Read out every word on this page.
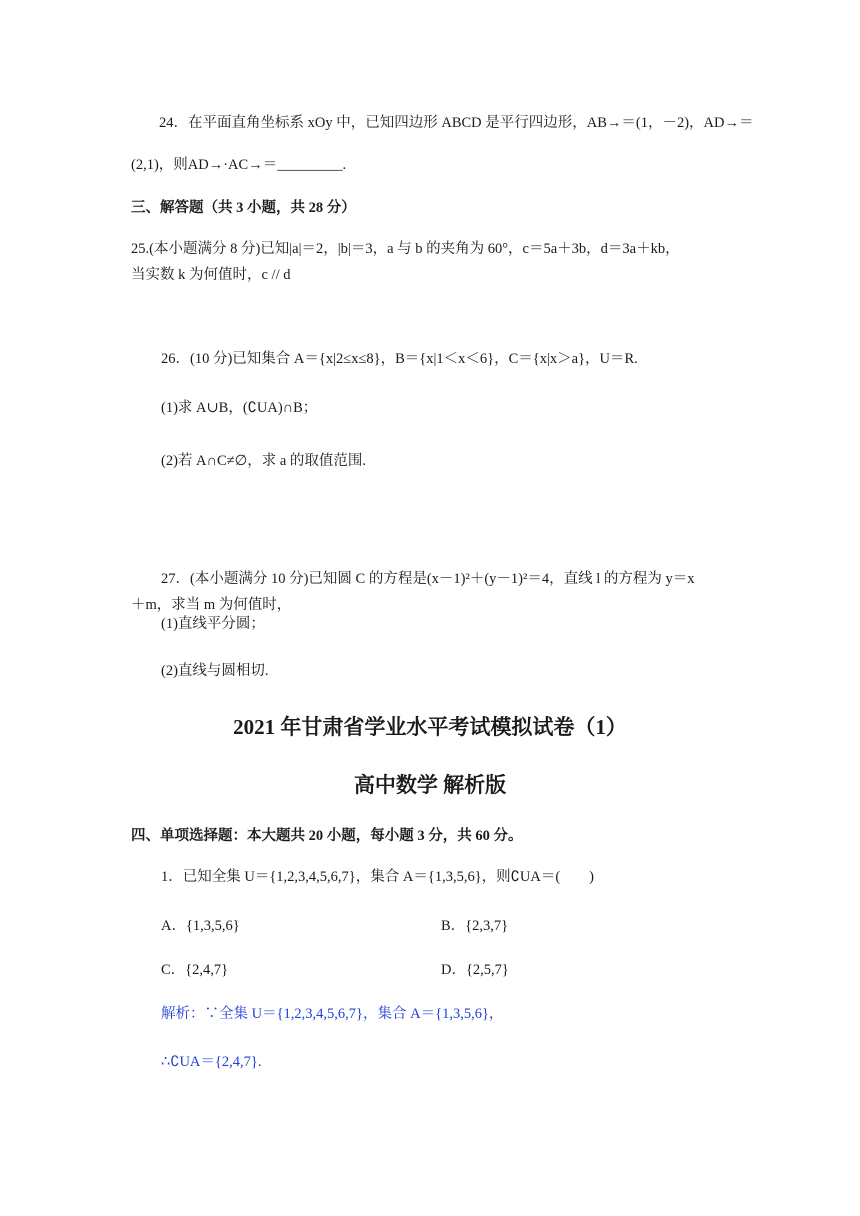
24．在平面直角坐标系 xOy 中，已知四边形 ABCD 是平行四边形，AB→＝(1，－2)，AD→＝
(2,1)，则AD→·AC→＝_________.
三、解答题（共 3 小题，共 28 分）
25.(本小题满分 8 分)已知|a|＝2，|b|＝3，a 与 b 的夹角为 60°，c＝5a＋3b，d＝3a＋kb，
当实数 k 为何值时，c // d
26．(10 分)已知集合 A＝{x|2≤x≤8}，B＝{x|1＜x＜6}，C＝{x|x＞a}，U＝R.
(1)求 A∪B，(∁UA)∩B；
(2)若 A∩C≠∅，求 a 的取值范围.
27．(本小题满分 10 分)已知圆 C 的方程是(x－1)²＋(y－1)²＝4，直线 l 的方程为 y＝x
＋m，求当 m 为何值时，
(1)直线平分圆；
(2)直线与圆相切.
2021 年甘肃省学业水平考试模拟试卷（1）
高中数学 解析版
四、单项选择题：本大题共 20 小题，每小题 3 分，共 60 分。
1．已知全集 U＝{1,2,3,4,5,6,7}，集合 A＝{1,3,5,6}，则∁UA＝(　　)
A．{1,3,5,6}	B．{2,3,7}
C．{2,4,7}	D．{2,5,7}
解析：∵全集 U＝{1,2,3,4,5,6,7}，集合 A＝{1,3,5,6}，
∴∁UA＝{2,4,7}.
